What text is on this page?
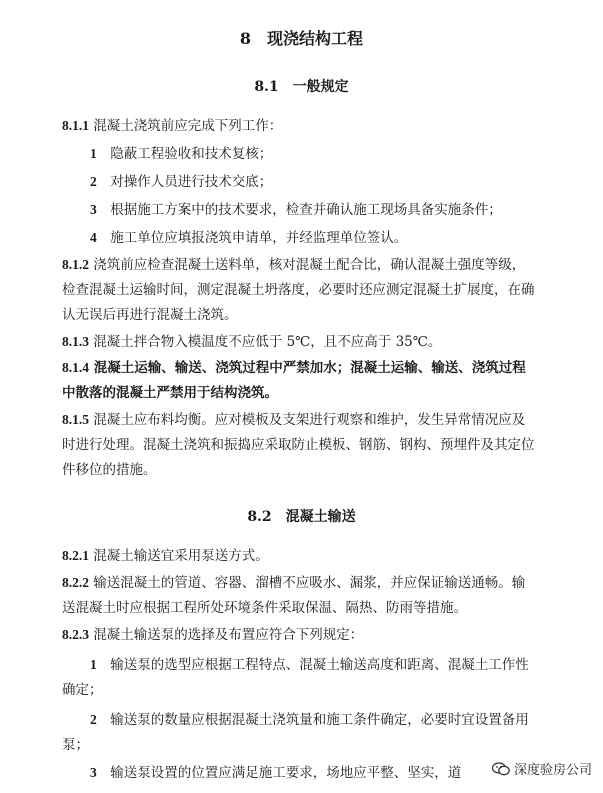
8　现浇结构工程
8.1  一般规定
8.1.1 混凝土浇筑前应完成下列工作：
1  隐蔽工程验收和技术复核；
2  对操作人员进行技术交底；
3  根据施工方案中的技术要求，检查并确认施工现场具备实施条件；
4  施工单位应填报浇筑申请单，并经监理单位签认。
8.1.2 浇筑前应检查混凝土送料单，核对混凝土配合比，确认混凝土强度等级，
检查混凝土运输时间，测定混凝土坍落度，必要时还应测定混凝土扩展度，在确
认无误后再进行混凝土浇筑。
8.1.3 混凝土拌合物入模温度不应低于 5℃，且不应高于 35℃。
8.1.4 混凝土运输、输送、浇筑过程中严禁加水；混凝土运输、输送、浇筑过程
中散落的混凝土严禁用于结构浇筑。
8.1.5 混凝土应布料均衡。应对模板及支架进行观察和维护，发生异常情况应及
时进行处理。混凝土浇筑和振捣应采取防止模板、钢筋、钢构、预埋件及其定位
件移位的措施。
8.2  混凝土输送
8.2.1 混凝土输送宜采用泵送方式。
8.2.2 输送混凝土的管道、容器、溜槽不应吸水、漏浆，并应保证输送通畅。输
送混凝土时应根据工程所处环境条件采取保温、隔热、防雨等措施。
8.2.3 混凝土输送泵的选择及布置应符合下列规定：
1  输送泵的选型应根据工程特点、混凝土输送高度和距离、混凝土工作性
确定；
2  输送泵的数量应根据混凝土浇筑量和施工条件确定，必要时宜设置备用
泵；
3  输送泵设置的位置应满足施工要求，场地应平整、坚实，道	深度验房公司
